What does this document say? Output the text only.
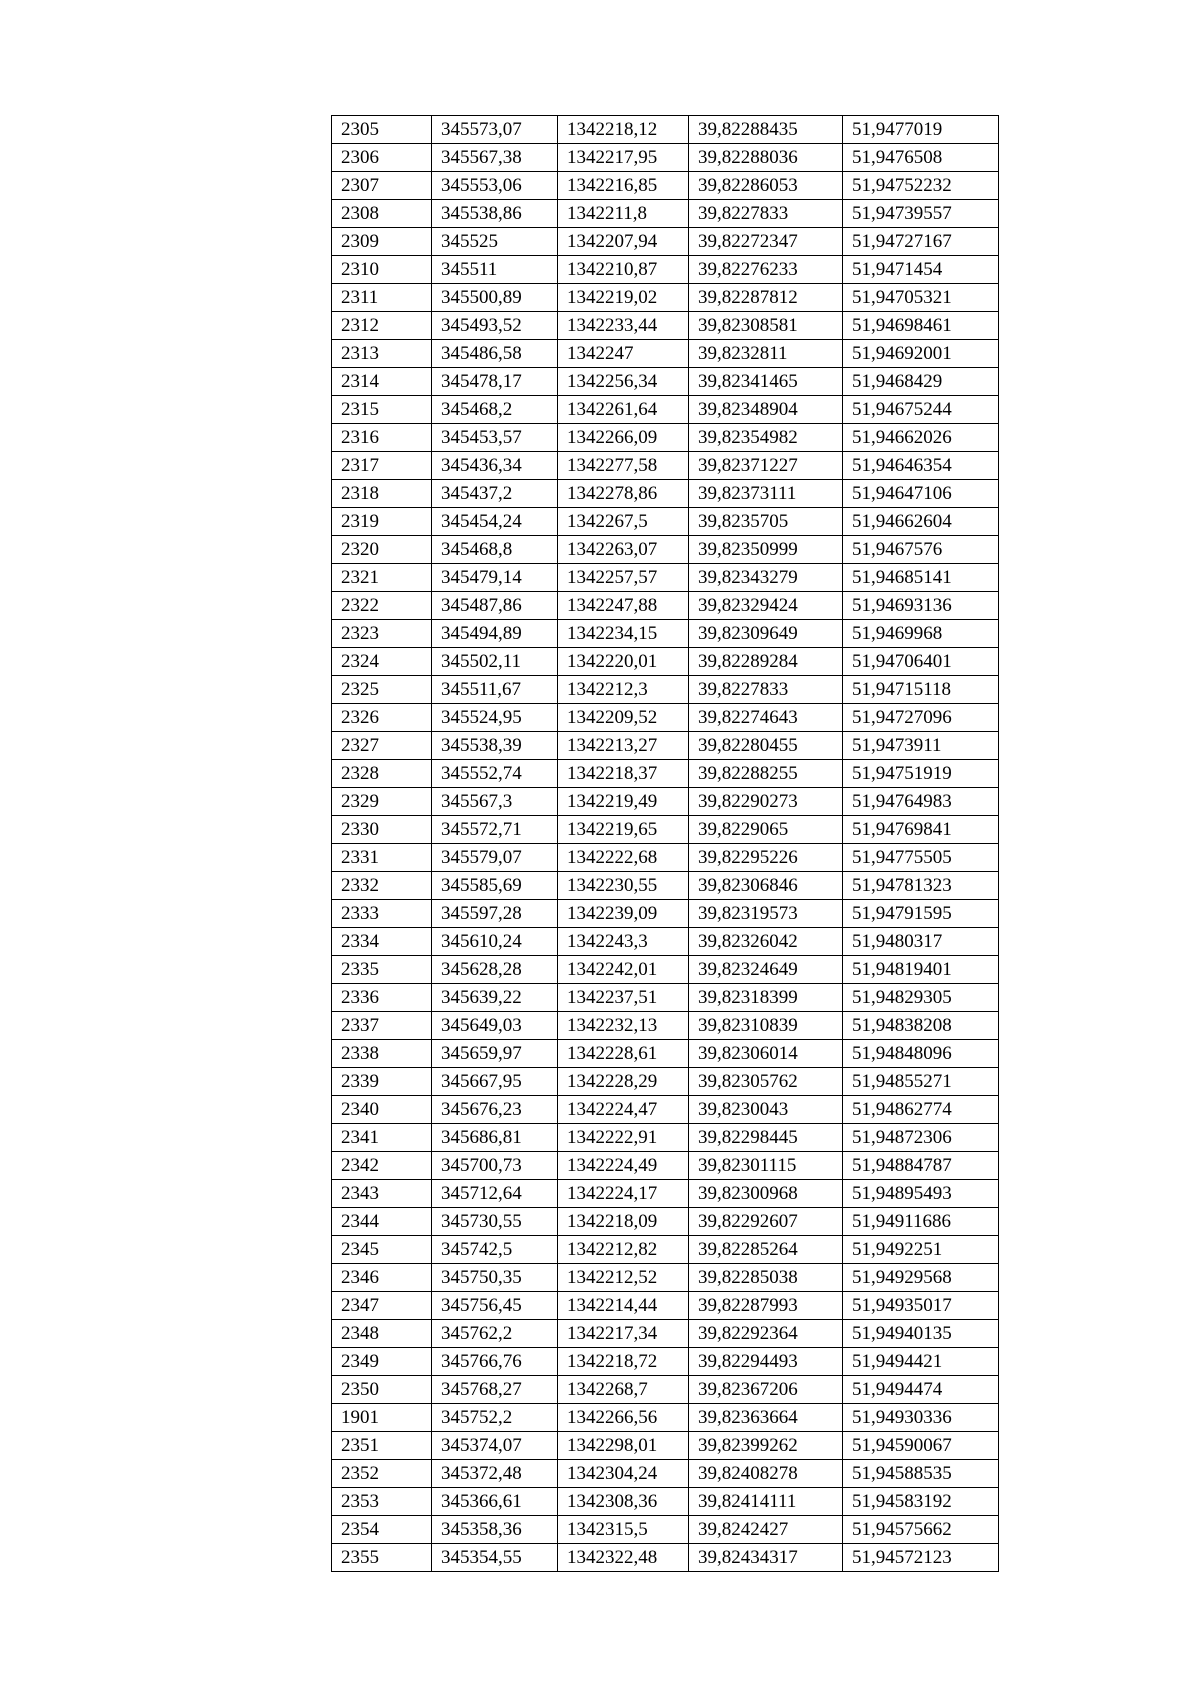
2305	345573,07	1342218,12	39,82288435	51,9477019
2306	345567,38	1342217,95	39,82288036	51,9476508
2307	345553,06	1342216,85	39,82286053	51,94752232
2308	345538,86	1342211,8	39,8227833	51,94739557
2309	345525	1342207,94	39,82272347	51,94727167
2310	345511	1342210,87	39,82276233	51,9471454
2311	345500,89	1342219,02	39,82287812	51,94705321
2312	345493,52	1342233,44	39,82308581	51,94698461
2313	345486,58	1342247	39,8232811	51,94692001
2314	345478,17	1342256,34	39,82341465	51,9468429
2315	345468,2	1342261,64	39,82348904	51,94675244
2316	345453,57	1342266,09	39,82354982	51,94662026
2317	345436,34	1342277,58	39,82371227	51,94646354
2318	345437,2	1342278,86	39,82373111	51,94647106
2319	345454,24	1342267,5	39,8235705	51,94662604
2320	345468,8	1342263,07	39,82350999	51,9467576
2321	345479,14	1342257,57	39,82343279	51,94685141
2322	345487,86	1342247,88	39,82329424	51,94693136
2323	345494,89	1342234,15	39,82309649	51,9469968
2324	345502,11	1342220,01	39,82289284	51,94706401
2325	345511,67	1342212,3	39,8227833	51,94715118
2326	345524,95	1342209,52	39,82274643	51,94727096
2327	345538,39	1342213,27	39,82280455	51,9473911
2328	345552,74	1342218,37	39,82288255	51,94751919
2329	345567,3	1342219,49	39,82290273	51,94764983
2330	345572,71	1342219,65	39,8229065	51,94769841
2331	345579,07	1342222,68	39,82295226	51,94775505
2332	345585,69	1342230,55	39,82306846	51,94781323
2333	345597,28	1342239,09	39,82319573	51,94791595
2334	345610,24	1342243,3	39,82326042	51,9480317
2335	345628,28	1342242,01	39,82324649	51,94819401
2336	345639,22	1342237,51	39,82318399	51,94829305
2337	345649,03	1342232,13	39,82310839	51,94838208
2338	345659,97	1342228,61	39,82306014	51,94848096
2339	345667,95	1342228,29	39,82305762	51,94855271
2340	345676,23	1342224,47	39,8230043	51,94862774
2341	345686,81	1342222,91	39,82298445	51,94872306
2342	345700,73	1342224,49	39,82301115	51,94884787
2343	345712,64	1342224,17	39,82300968	51,94895493
2344	345730,55	1342218,09	39,82292607	51,94911686
2345	345742,5	1342212,82	39,82285264	51,9492251
2346	345750,35	1342212,52	39,82285038	51,94929568
2347	345756,45	1342214,44	39,82287993	51,94935017
2348	345762,2	1342217,34	39,82292364	51,94940135
2349	345766,76	1342218,72	39,82294493	51,9494421
2350	345768,27	1342268,7	39,82367206	51,9494474
1901	345752,2	1342266,56	39,82363664	51,94930336
2351	345374,07	1342298,01	39,82399262	51,94590067
2352	345372,48	1342304,24	39,82408278	51,94588535
2353	345366,61	1342308,36	39,82414111	51,94583192
2354	345358,36	1342315,5	39,8242427	51,94575662
2355	345354,55	1342322,48	39,82434317	51,94572123
